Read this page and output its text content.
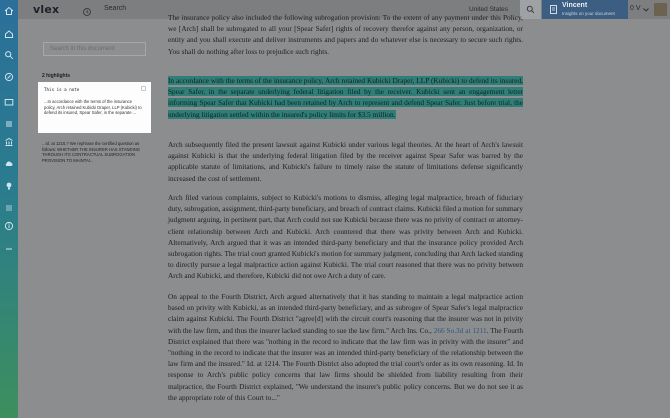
vlex	Search	United States
Vincent
Insights on your document
0 V
Search in this document
2 highlights
This is a note
...In accordance with the terms of the insurance policy, Arch retained Kubicki Draper, LLP (Kubicki) to defend its insured, Spear Safer, in the separate ...
...Id. at 1215.? We rephrase the certified question as follows: WHETHER THE INSURER HAS STANDING THROUGH ITS CONTRACTUAL SUBROGATION PROVISION TO MAINTAI...
The insurance policy also included the following subrogation provision: To the extent of any payment under this Policy, we [Arch] shall be subrogated to all your [Spear Safer] rights of recovery therefor against any person, organization, or entity and you shall execute and deliver instruments and papers and do whatever else is necessary to secure such rights. You shall do nothing after loss to prejudice such rights.
In accordance with the terms of the insurance policy, Arch retained Kubicki Draper, LLP (Kubicki) to defend its insured, Spear Safer, in the separate underlying federal litigation filed by the receiver. Kubicki sent an engagement letter informing Spear Safer that Kubicki had been retained by Arch to represent and defend Spear Safer. Just before trial, the underlying litigation settled within the insured's policy limits for $3.5 million.
Arch subsequently filed the present lawsuit against Kubicki under various legal theories. At the heart of Arch's lawsuit against Kubicki is that the underlying federal litigation filed by the receiver against Spear Safer was barred by the applicable statute of limitations, and Kubicki's failure to timely raise the statute of limitations defense significantly increased the cost of settlement.
Arch filed various complaints, subject to Kubicki's motions to dismiss, alleging legal malpractice, breach of fiduciary duty, subrogation, assignment, third-party beneficiary, and breach of contract claims. Kubicki filed a motion for summary judgment arguing, in pertinent part, that Arch could not sue Kubicki because there was no privity of contract or attorney-client relationship between Arch and Kubicki. Arch countered that there was privity between Arch and Kubicki. Alternatively, Arch argued that it was an intended third-party beneficiary and that the insurance policy provided Arch subrogation rights. The trial court granted Kubicki's motion for summary judgment, concluding that Arch lacked standing to directly pursue a legal malpractice action against Kubicki. The trial court reasoned that there was no privity between Arch and Kubicki, and therefore, Kubicki did not owe Arch a duty of care.
On appeal to the Fourth District, Arch argued alternatively that it has standing to maintain a legal malpractice action based on privity with Kubicki, as an intended third-party beneficiary, and as subrogee of Spear Safer's legal malpractice claim against Kubicki. The Fourth District "agree[d] with the circuit court's reasoning that the insurer was not in privity with the law firm, and thus the insurer lacked standing to sue the law firm." Arch Ins. Co., 266 So.3d at 1211. The Fourth District explained that there was "nothing in the record to indicate that the law firm was in privity with the insurer" and "nothing in the record to indicate that the insurer was an intended third-party beneficiary of the relationship between the law firm and the insured." Id. at 1214. The Fourth District also adopted the trial court's order as its own reasoning. Id. In response to Arch's public policy concerns that law firms should be shielded from liability resulting from their malpractice, the Fourth District explained, "We understand the insurer's public policy concerns. But we do not see it as the appropriate role of this Court to..."
